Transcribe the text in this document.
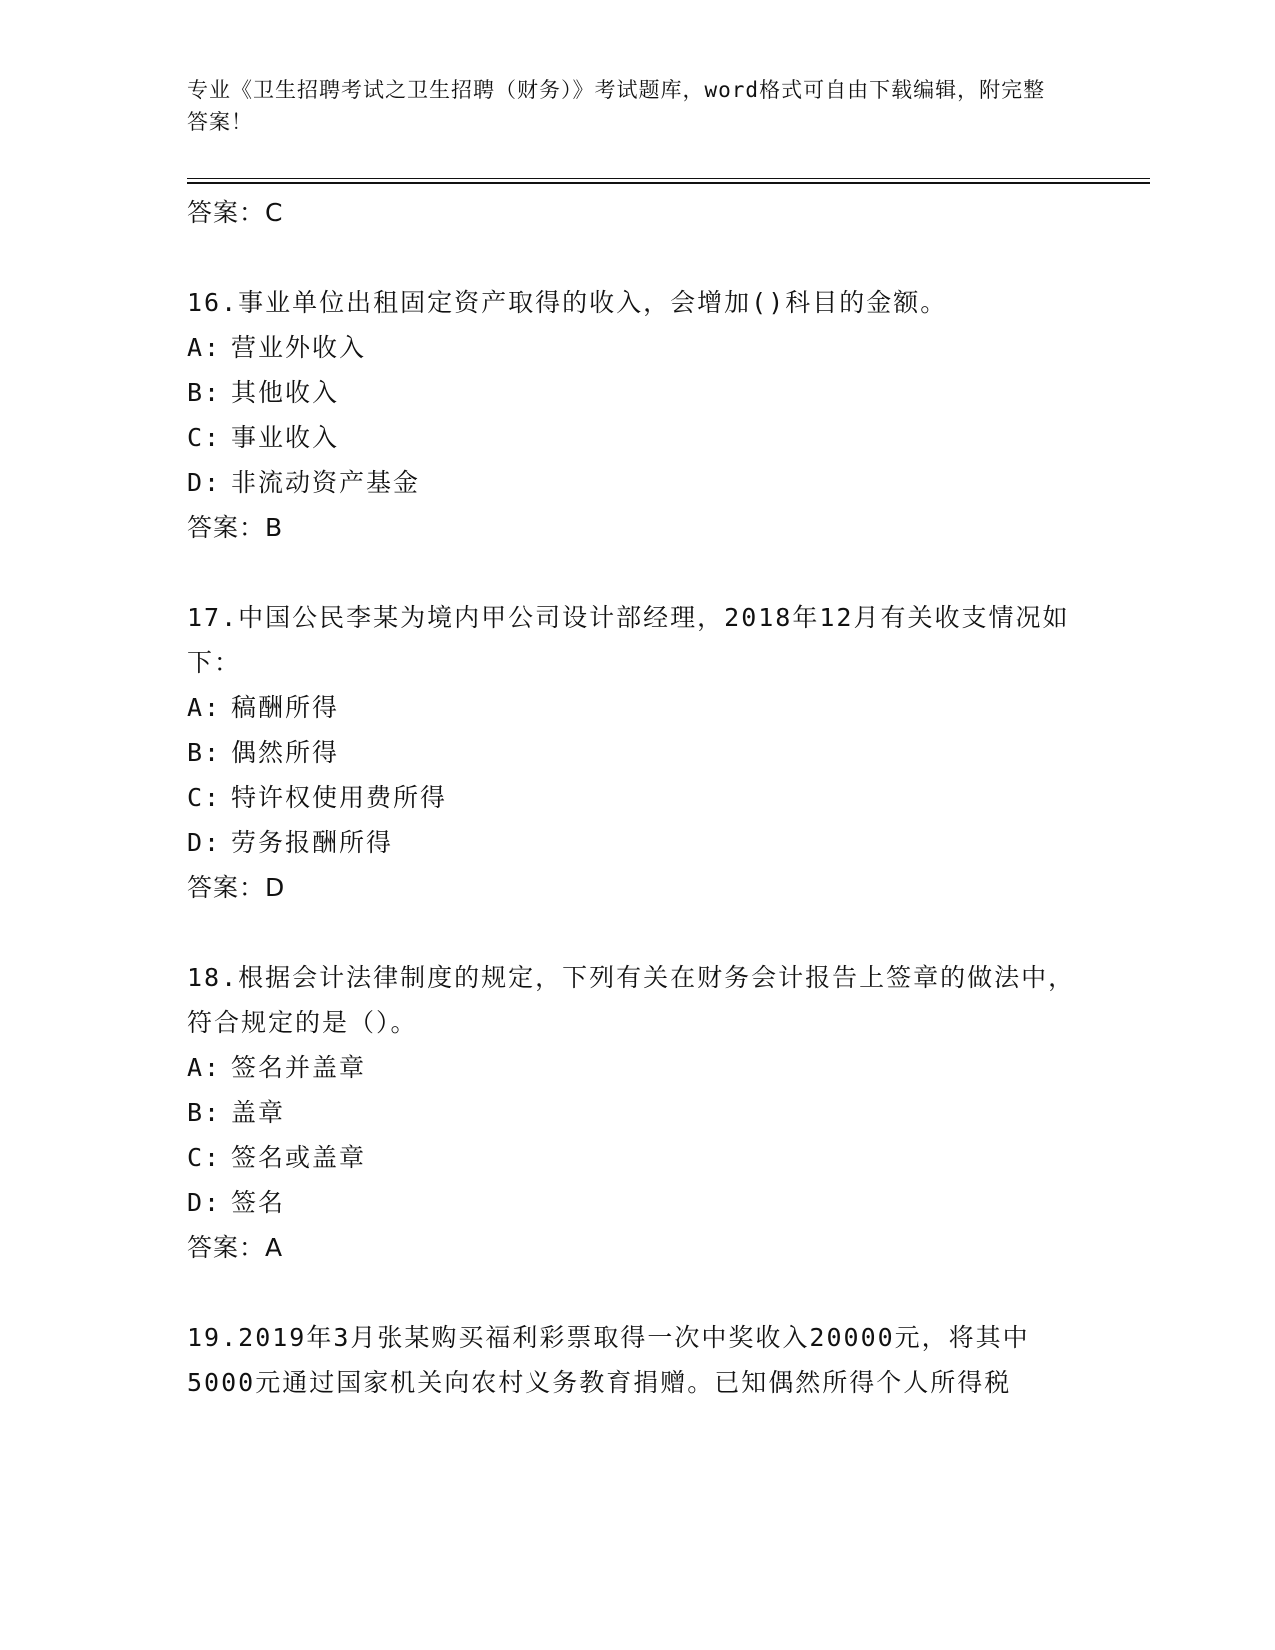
专业《卫生招聘考试之卫生招聘（财务）》考试题库，word格式可自由下载编辑，附完整答案！
答案：C
16.事业单位出租固定资产取得的收入，会增加()科目的金额。
A: 营业外收入
B: 其他收入
C: 事业收入
D: 非流动资产基金
答案：B
17.中国公民李某为境内甲公司设计部经理，2018年12月有关收支情况如下：
A: 稿酬所得
B: 偶然所得
C: 特许权使用费所得
D: 劳务报酬所得
答案：D
18.根据会计法律制度的规定，下列有关在财务会计报告上签章的做法中，符合规定的是（）。
A: 签名并盖章
B: 盖章
C: 签名或盖章
D: 签名
答案：A
19.2019年3月张某购买福利彩票取得一次中奖收入20000元，将其中5000元通过国家机关向农村义务教育捐赠。已知偶然所得个人所得税
